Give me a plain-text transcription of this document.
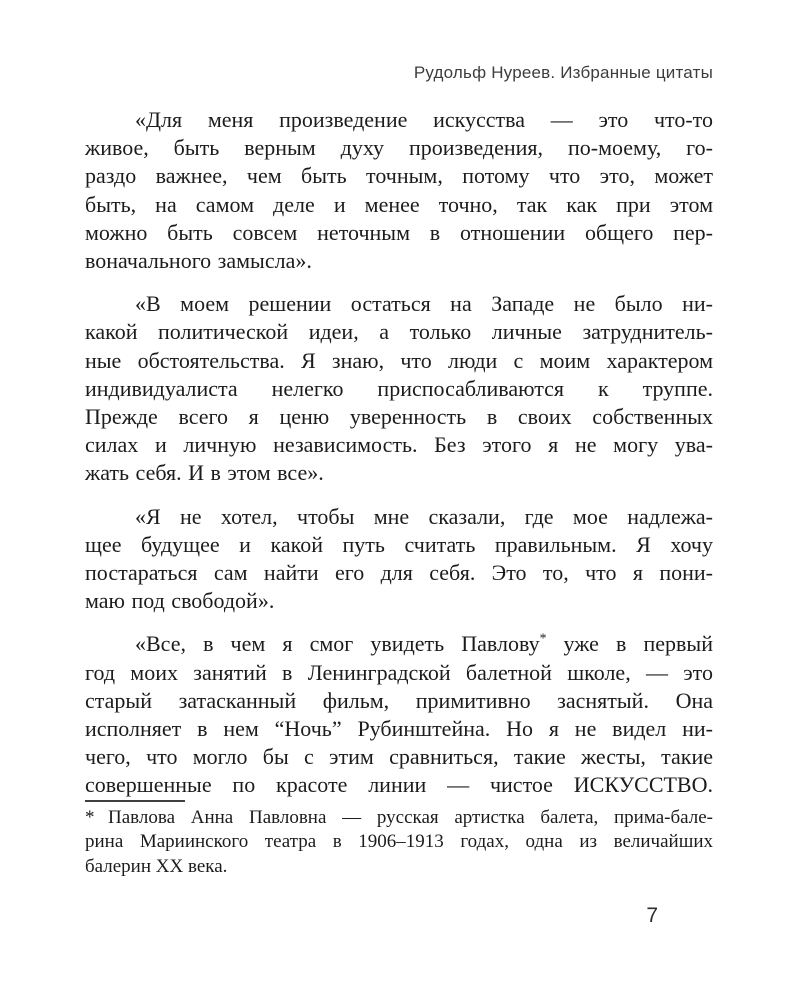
Рудольф Нуреев. Избранные цитаты
«Для меня произведение искусства — это что-то
живое, быть верным духу произведения, по-моему, го-
раздо важнее, чем быть точным, потому что это, может
быть, на самом деле и менее точно, так как при этом
можно быть совсем неточным в отношении общего пер-
воначального замысла».
«В моем решении остаться на Западе не было ни-
какой политической идеи, а только личные затруднитель-
ные обстоятельства. Я знаю, что люди с моим характером
индивидуалиста нелегко приспосабливаются к труппе.
Прежде всего я ценю уверенность в своих собственных
силах и личную независимость. Без этого я не могу ува-
жать себя. И в этом все».
«Я не хотел, чтобы мне сказали, где мое надлежа-
щее будущее и какой путь считать правильным. Я хочу
постараться сам найти его для себя. Это то, что я пони-
маю под свободой».
«Все, в чем я смог увидеть Павлову* уже в первый
год моих занятий в Ленинградской балетной школе, — это
старый затасканный фильм, примитивно заснятый. Она
исполняет в нем “Ночь” Рубинштейна. Но я не видел ни-
чего, что могло бы с этим сравниться, такие жесты, такие
совершенные по красоте линии — чистое ИСКУССТВО.
* Павлова Анна Павловна — русская артистка балета, прима-бале-
рина Мариинского театра в 1906–1913 годах, одна из величайших
балерин XX века.
7
